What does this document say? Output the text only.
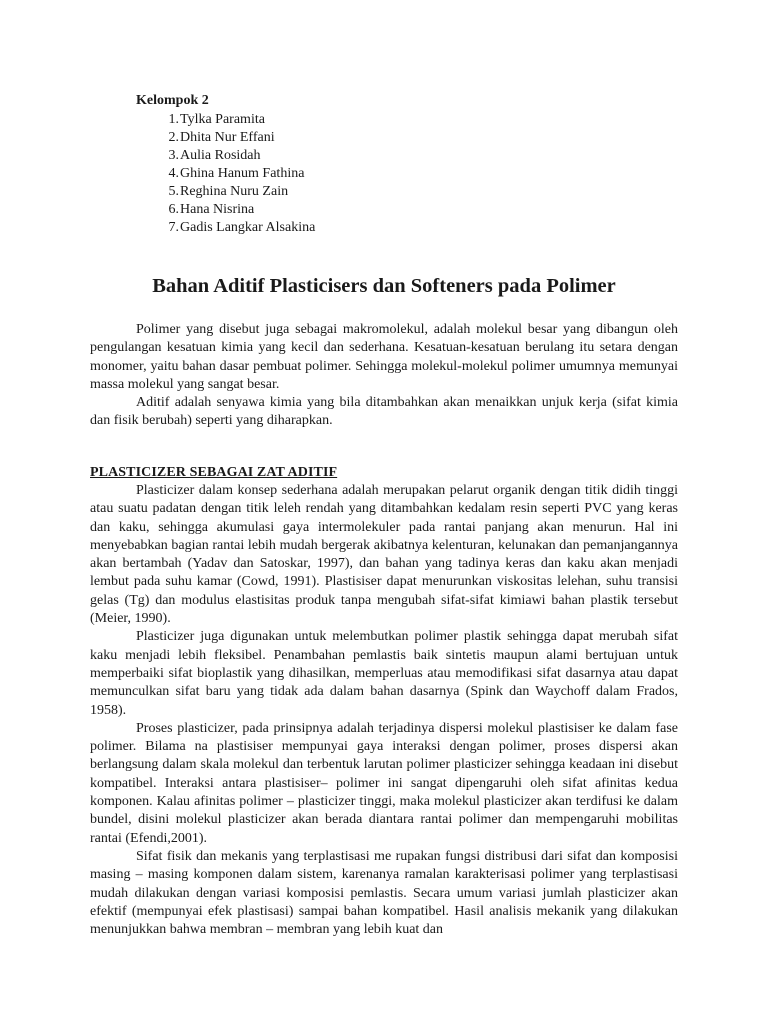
Kelompok 2
1. Tylka Paramita
2. Dhita Nur Effani
3. Aulia Rosidah
4. Ghina Hanum Fathina
5. Reghina Nuru Zain
6. Hana Nisrina
7. Gadis Langkar Alsakina
Bahan Aditif Plasticisers dan Softeners pada Polimer

Polimer yang disebut juga sebagai makromolekul, adalah molekul besar yang dibangun oleh pengulangan kesatuan kimia yang kecil dan sederhana. Kesatuan-kesatuan berulang itu setara dengan monomer, yaitu bahan dasar pembuat polimer. Sehingga molekul-molekul polimer umumnya memunyai massa molekul yang sangat besar.

Aditif adalah senyawa kimia yang bila ditambahkan akan menaikkan unjuk kerja (sifat kimia dan fisik berubah) seperti yang diharapkan.

PLASTICIZER SEBAGAI ZAT ADITIF

Plasticizer dalam konsep sederhana adalah merupakan pelarut organik dengan titik didih tinggi atau suatu padatan dengan titik leleh rendah yang ditambahkan kedalam resin seperti PVC yang keras dan kaku, sehingga akumulasi gaya intermolekuler pada rantai panjang akan menurun. Hal ini menyebabkan bagian rantai lebih mudah bergerak akibatnya kelenturan, kelunakan dan pemanjangannya akan bertambah (Yadav dan Satoskar, 1997), dan bahan yang tadinya keras dan kaku akan menjadi lembut pada suhu kamar (Cowd, 1991). Plastisiser dapat menurunkan viskositas lelehan, suhu transisi gelas (Tg) dan modulus elastisitas produk tanpa mengubah sifat-sifat kimiawi bahan plastik tersebut (Meier, 1990).

Plasticizer juga digunakan untuk melembutkan polimer plastik sehingga dapat merubah sifat kaku menjadi lebih fleksibel. Penambahan pemlastis baik sintetis maupun alami bertujuan untuk memperbaiki sifat bioplastik yang dihasilkan, memperluas atau memodifikasi sifat dasarnya atau dapat memunculkan sifat baru yang tidak ada dalam bahan dasarnya (Spink dan Waychoff dalam Frados, 1958).

Proses plasticizer, pada prinsipnya adalah terjadinya dispersi molekul plastisiser ke dalam fase polimer. Bilama na plastisiser mempunyai gaya interaksi dengan polimer, proses dispersi akan berlangsung dalam skala molekul dan terbentuk larutan polimer plasticizer sehingga keadaan ini disebut kompatibel. Interaksi antara plastisiser– polimer ini sangat dipengaruhi oleh sifat afinitas kedua komponen. Kalau afinitas polimer – plasticizer tinggi, maka molekul plasticizer akan terdifusi ke dalam bundel, disini molekul plasticizer akan berada diantara rantai polimer dan mempengaruhi mobilitas rantai (Efendi,2001).

Sifat fisik dan mekanis yang terplastisasi me rupakan fungsi distribusi dari sifat dan komposisi masing – masing komponen dalam sistem, karenanya ramalan karakterisasi polimer yang terplastisasi mudah dilakukan dengan variasi komposisi pemlastis. Secara umum variasi jumlah plasticizer akan efektif (mempunyai efek plastisasi) sampai bahan kompatibel. Hasil analisis mekanik yang dilakukan menunjukkan bahwa membran – membran yang lebih kuat dan
